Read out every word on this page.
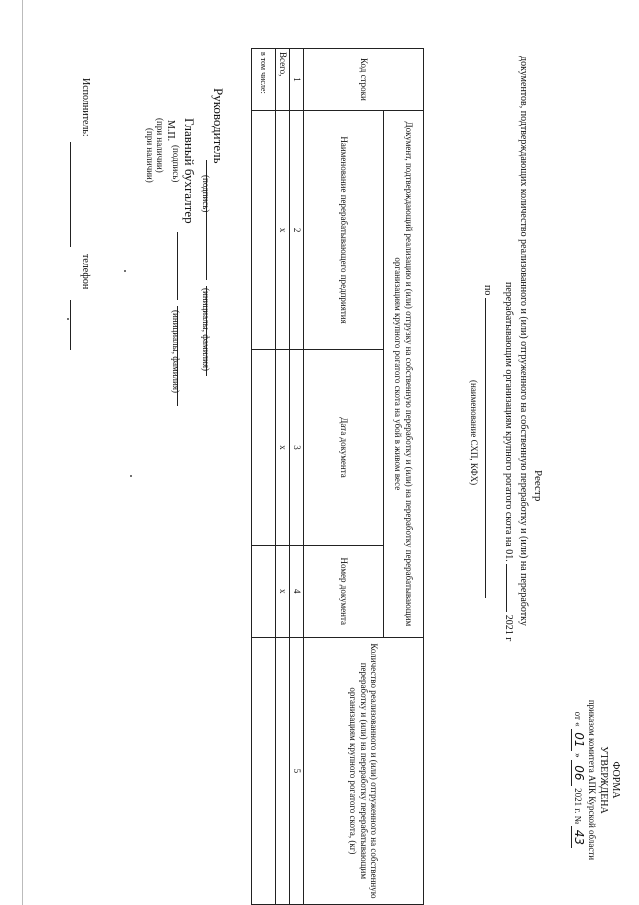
ФОРМА
УТВЕРЖДЕНА
приказом комитета АПК Курской области
от « 01 » 06 2021 г. № 43
Реестр
документов, подтверждающих количество реализованного и (или) отгруженного на собственную переработку и (или) на переработку
перерабатывающим организациям крупного рогатого скота на 01.  2021 г
по
(наименование СХП, КФХ)
Код строки	Документ, подтверждающий реализацию и (или) отгрузку на собственную переработку и (или) на переработку перерабатывающим организациям крупного рогатого скота на убой в живом весе			Количество реализованного и (или) отгруженного на собственную переработку и (или) на переработку перерабатывающим организациям крупного рогатого скота, (кг)
	Наименование перерабатывающего предприятия	Дата документа	Номер документа	
1	2	3	4	5
Всего,	х	х	х	
в том числе:				
Руководитель
(подпись)
(инициалы, фамилия)
Главный бухгалтер
(подпись)
(инициалы, фамилия)
М.П.
(при наличии)
(при наличии)
Исполнитель:
телефон
